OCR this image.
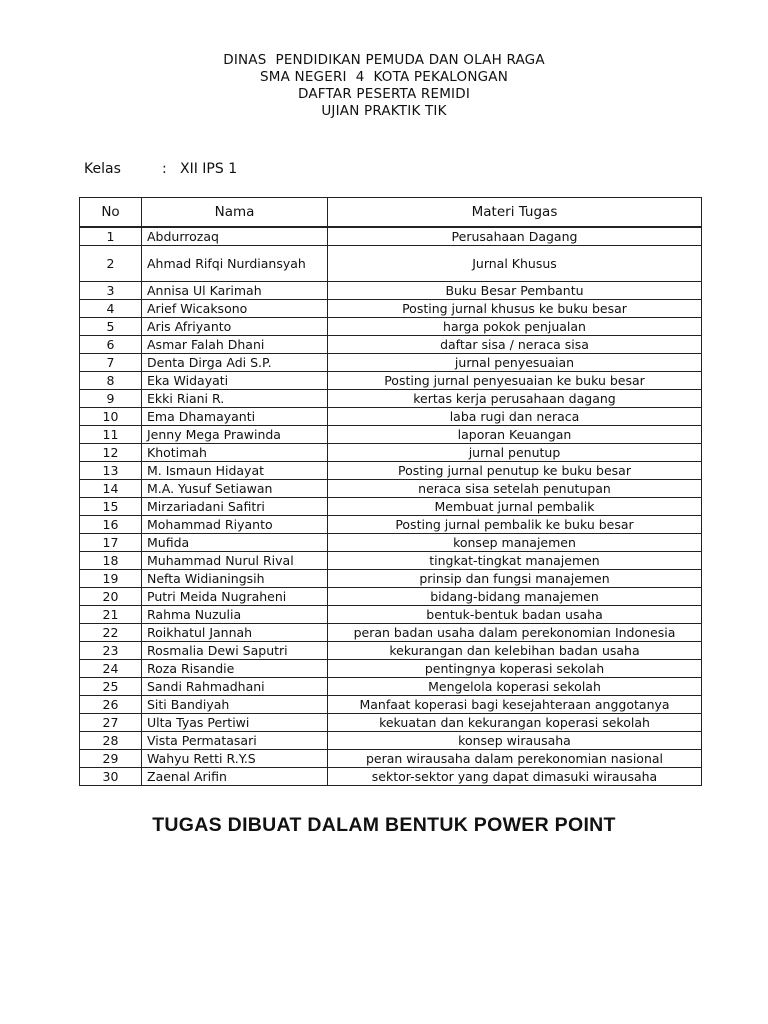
DINAS  PENDIDIKAN PEMUDA DAN OLAH RAGA
SMA NEGERI  4  KOTA PEKALONGAN
DAFTAR PESERTA REMIDI
UJIAN PRAKTIK TIK
Kelas	: XII IPS 1
No	Nama	Materi Tugas
1	Abdurrozaq	Perusahaan Dagang
2	Ahmad Rifqi Nurdiansyah	Jurnal Khusus
3	Annisa Ul Karimah	Buku Besar Pembantu
4	Arief Wicaksono	Posting jurnal khusus ke buku besar
5	Aris Afriyanto	harga pokok penjualan
6	Asmar Falah Dhani	daftar sisa / neraca sisa
7	Denta Dirga Adi S.P.	jurnal penyesuaian
8	Eka Widayati	Posting jurnal penyesuaian ke buku besar
9	Ekki Riani R.	kertas kerja perusahaan dagang
10	Ema Dhamayanti	laba rugi dan neraca
11	Jenny Mega Prawinda	laporan Keuangan
12	Khotimah	jurnal penutup
13	M. Ismaun Hidayat	Posting jurnal penutup ke buku besar
14	M.A. Yusuf Setiawan	neraca sisa setelah penutupan
15	Mirzariadani Safitri	Membuat jurnal pembalik
16	Mohammad Riyanto	Posting jurnal pembalik ke buku besar
17	Mufida	konsep manajemen
18	Muhammad Nurul Rival	tingkat-tingkat manajemen
19	Nefta Widianingsih	prinsip dan fungsi manajemen
20	Putri Meida Nugraheni	bidang-bidang manajemen
21	Rahma Nuzulia	bentuk-bentuk badan usaha
22	Roikhatul Jannah	peran badan usaha dalam perekonomian Indonesia
23	Rosmalia Dewi Saputri	kekurangan dan kelebihan badan usaha
24	Roza Risandie	pentingnya koperasi sekolah
25	Sandi Rahmadhani	Mengelola koperasi sekolah
26	Siti Bandiyah	Manfaat koperasi bagi kesejahteraan anggotanya
27	Ulta Tyas Pertiwi	kekuatan dan kekurangan koperasi sekolah
28	Vista Permatasari	konsep wirausaha
29	Wahyu Retti R.Y.S	peran wirausaha dalam perekonomian nasional
30	Zaenal Arifin	sektor-sektor yang dapat dimasuki wirausaha
TUGAS DIBUAT DALAM BENTUK POWER POINT
